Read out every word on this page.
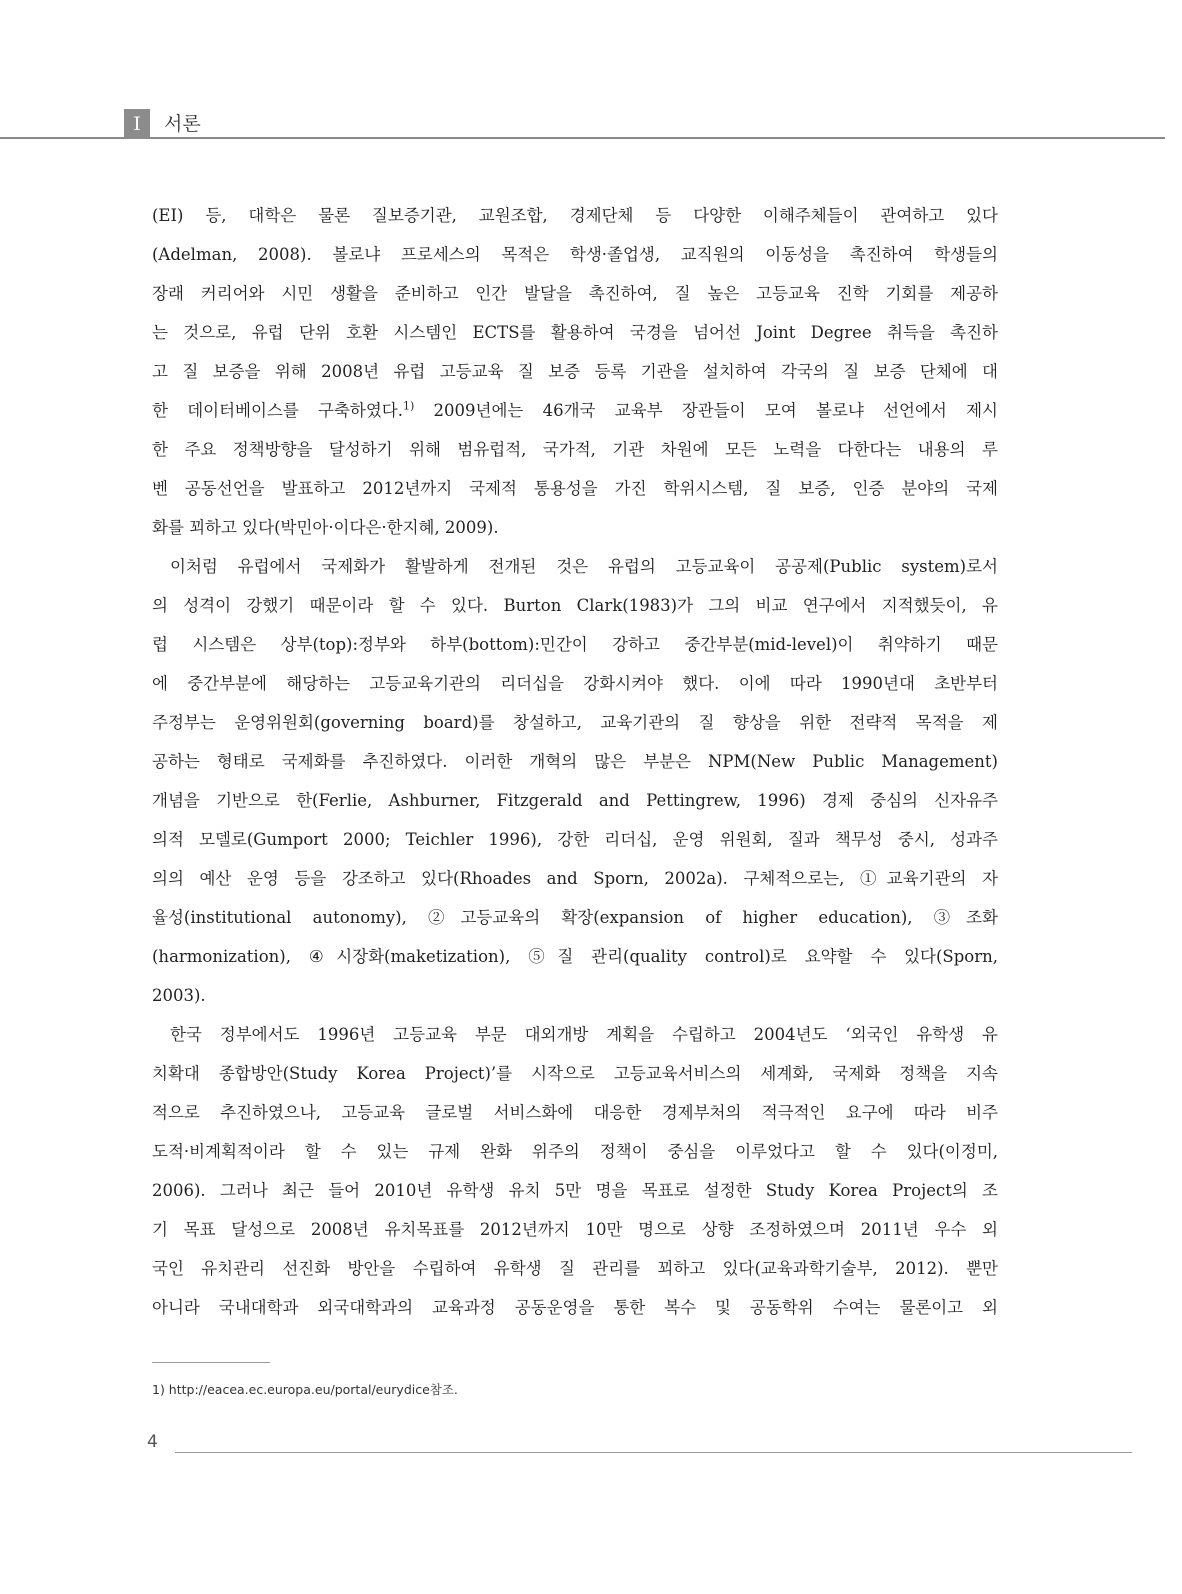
I	서론
(EI) 등, 대학은 물론 질보증기관, 교원조합, 경제단체 등 다양한 이해주체들이 관여하고 있다
(Adelman, 2008). 볼로냐 프로세스의 목적은 학생·졸업생, 교직원의 이동성을 촉진하여 학생들의
장래 커리어와 시민 생활을 준비하고 인간 발달을 촉진하여, 질 높은 고등교육 진학 기회를 제공하
는 것으로, 유럽 단위 호환 시스템인 ECTS를 활용하여 국경을 넘어선 Joint Degree 취득을 촉진하
고 질 보증을 위해 2008년 유럽 고등교육 질 보증 등록 기관을 설치하여 각국의 질 보증 단체에 대
한 데이터베이스를 구축하였다.$^{1)}$ 2009년에는 46개국 교육부 장관들이 모여 볼로냐 선언에서 제시
한 주요 정책방향을 달성하기 위해 범유럽적, 국가적, 기관 차원에 모든 노력을 다한다는 내용의 루
벤 공동선언을 발표하고 2012년까지 국제적 통용성을 가진 학위시스템, 질 보증, 인증 분야의 국제
화를 꾀하고 있다(박민아·이다은·한지혜, 2009).
이처럼 유럽에서 국제화가 활발하게 전개된 것은 유럽의 고등교육이 공공제(Public system)로서
의 성격이 강했기 때문이라 할 수 있다. Burton Clark(1983)가 그의 비교 연구에서 지적했듯이, 유
럽 시스템은 상부(top):정부와 하부(bottom):민간이 강하고 중간부분(mid-level)이 취약하기 때문
에 중간부분에 해당하는 고등교육기관의 리더십을 강화시켜야 했다. 이에 따라 1990년대 초반부터
주정부는 운영위원회(governing board)를 창설하고, 교육기관의 질 향상을 위한 전략적 목적을 제
공하는 형태로 국제화를 추진하였다. 이러한 개혁의 많은 부분은 NPM(New Public Management)
개념을 기반으로 한(Ferlie, Ashburner, Fitzgerald and Pettingrew, 1996) 경제 중심의 신자유주
의적 모델로(Gumport 2000; Teichler 1996), 강한 리더십, 운영 위원회, 질과 책무성 중시, 성과주
의의 예산 운영 등을 강조하고 있다(Rhoades and Sporn, 2002a). 구체적으로는, ①교육기관의 자
율성(institutional autonomy), ②고등교육의 확장(expansion of higher education), ③조화
(harmonization), ④시장화(maketization), ⑤질 관리(quality control)로 요약할 수 있다(Sporn,
2003).
한국 정부에서도 1996년 고등교육 부문 대외개방 계획을 수립하고 2004년도 ‘외국인 유학생 유
치확대 종합방안(Study Korea Project)’를 시작으로 고등교육서비스의 세계화, 국제화 정책을 지속
적으로 추진하였으나, 고등교육 글로벌 서비스화에 대응한 경제부처의 적극적인 요구에 따라 비주
도적·비계획적이라 할 수 있는 규제 완화 위주의 정책이 중심을 이루었다고 할 수 있다(이정미,
2006). 그러나 최근 들어 2010년 유학생 유치 5만 명을 목표로 설정한 Study Korea Project의 조
기 목표 달성으로 2008년 유치목표를 2012년까지 10만 명으로 상향 조정하였으며 2011년 우수 외
국인 유치관리 선진화 방안을 수립하여 유학생 질 관리를 꾀하고 있다(교육과학기술부, 2012). 뿐만
아니라 국내대학과 외국대학과의 교육과정 공동운영을 통한 복수 및 공동학위 수여는 물론이고 외
1) http://eacea.ec.europa.eu/portal/eurydice참조.
4
